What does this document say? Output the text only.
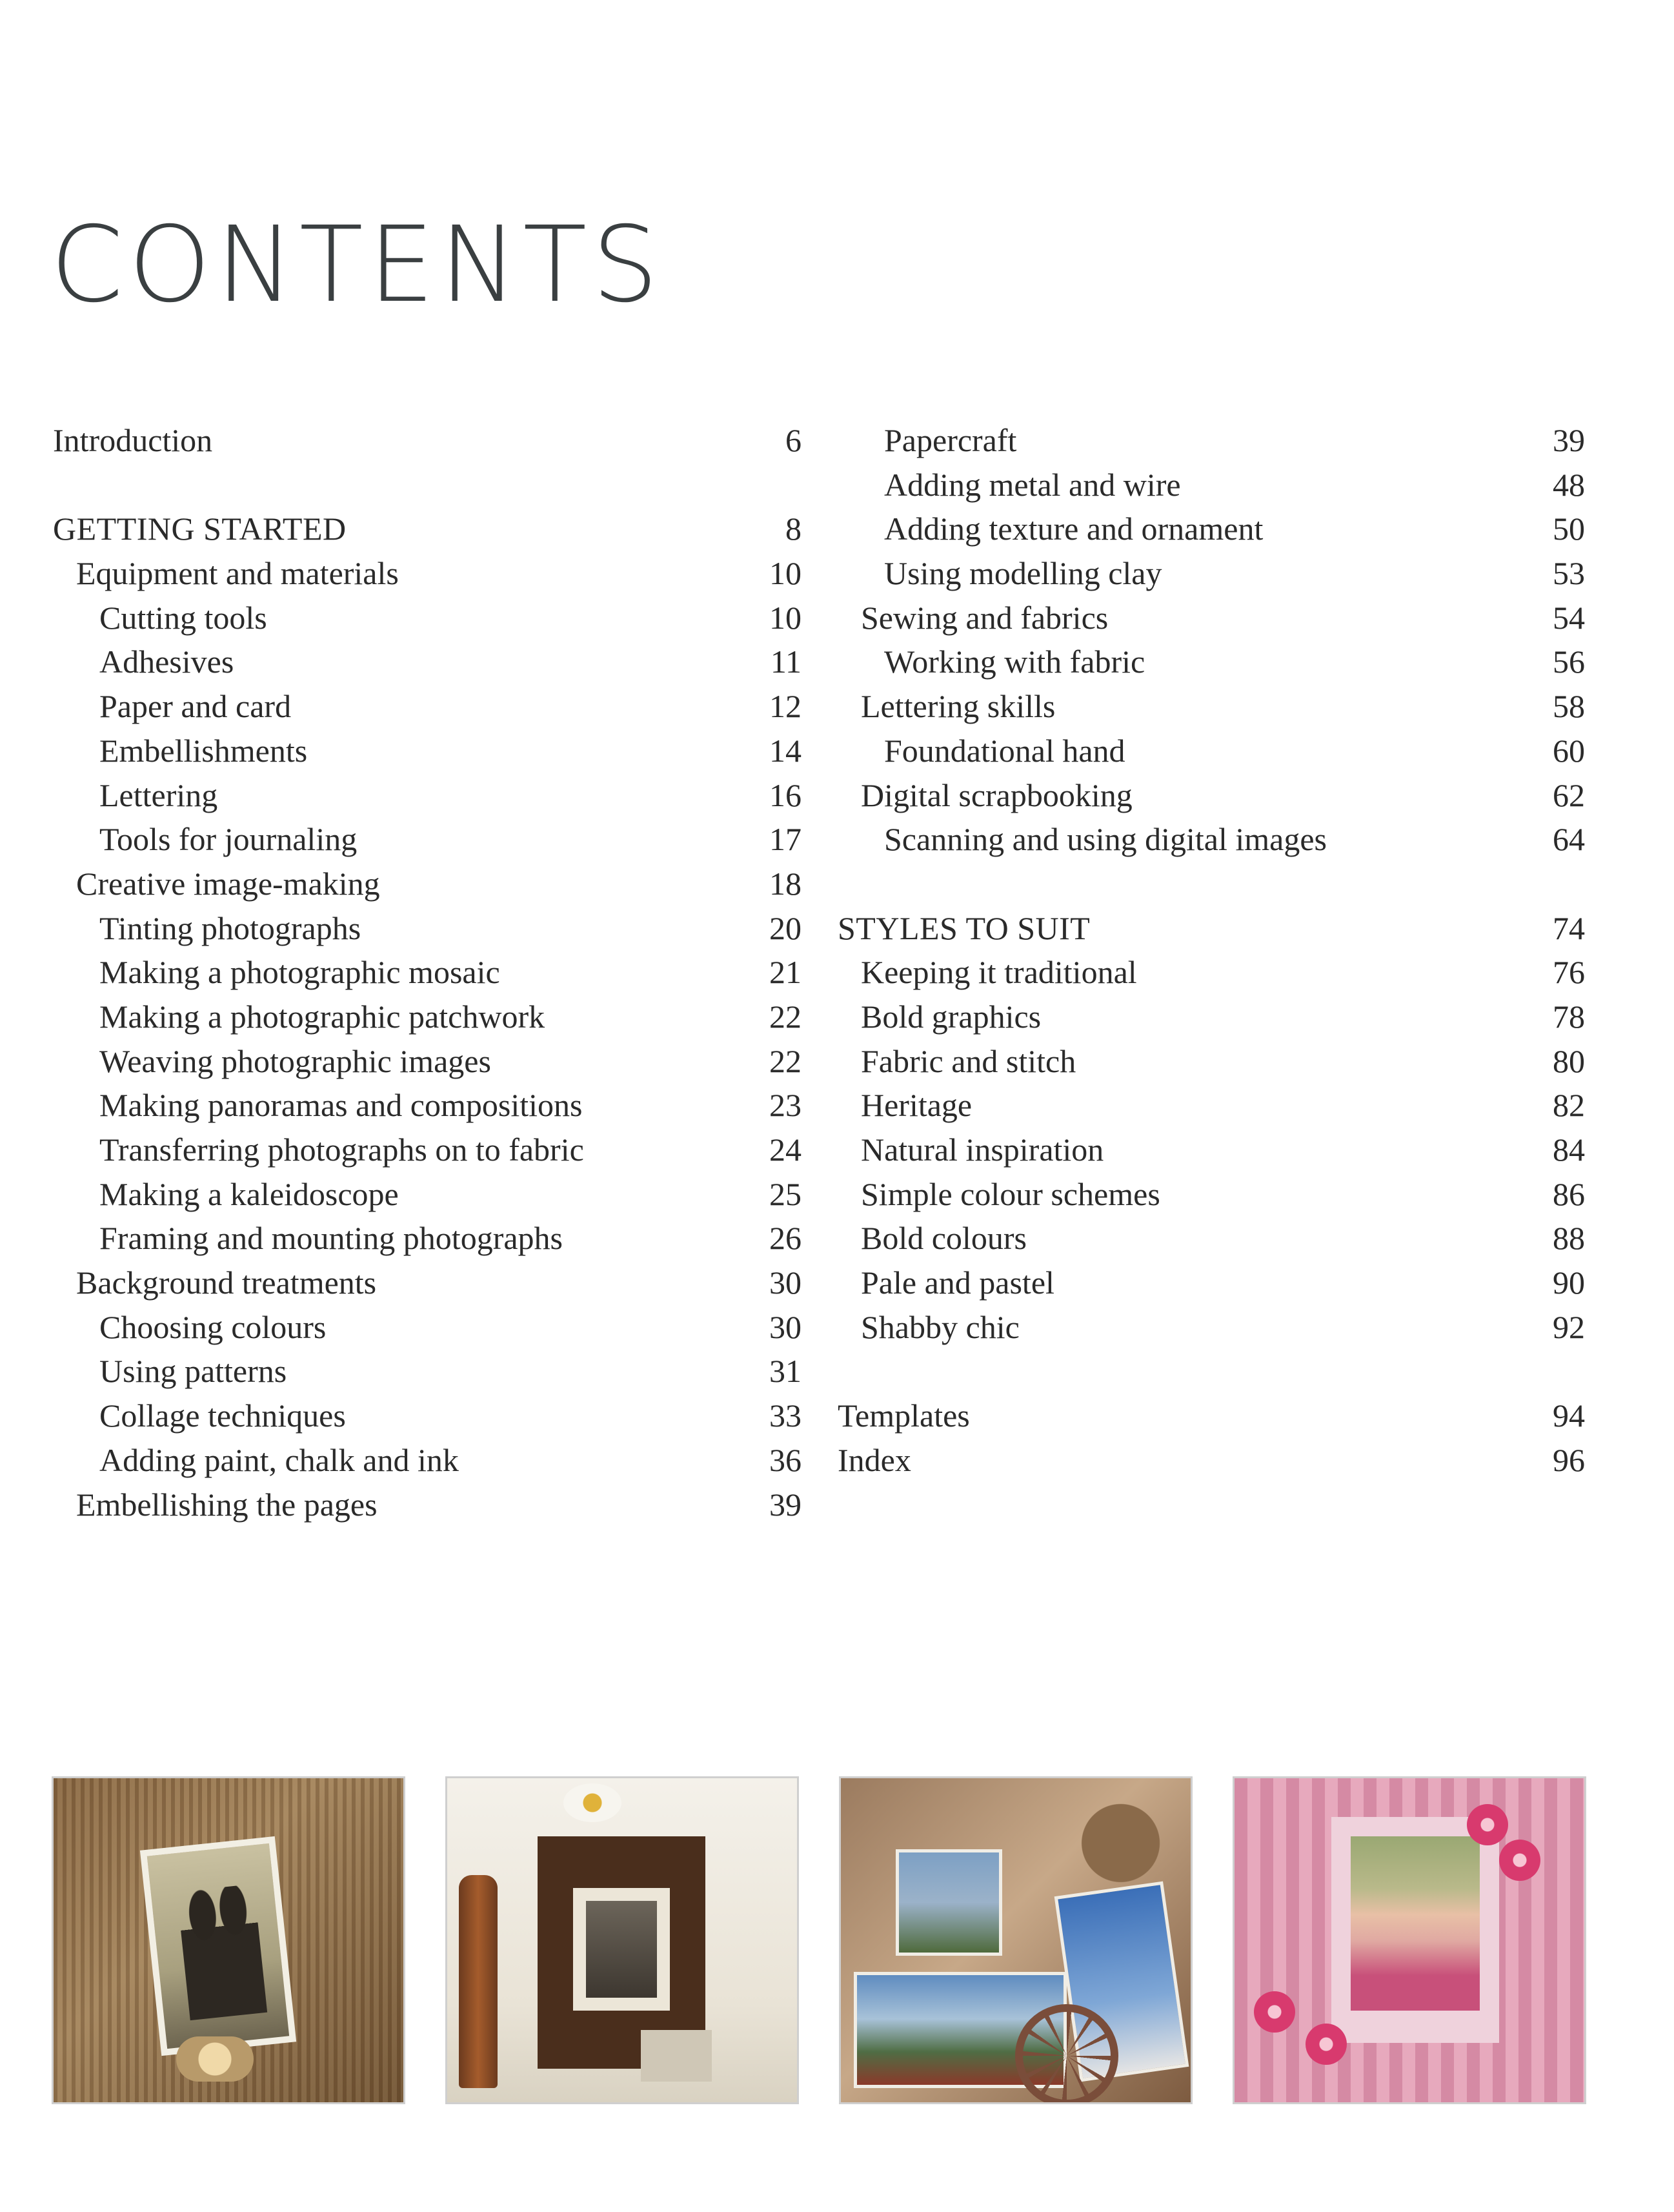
CONTENTS
Introduction	6
GETTING STARTED	8
Equipment and materials	10
Cutting tools	10
Adhesives	11
Paper and card	12
Embellishments	14
Lettering	16
Tools for journaling	17
Creative image-making	18
Tinting photographs	20
Making a photographic mosaic	21
Making a photographic patchwork	22
Weaving photographic images	22
Making panoramas and compositions	23
Transferring photographs on to fabric	24
Making a kaleidoscope	25
Framing and mounting photographs	26
Background treatments	30
Choosing colours	30
Using patterns	31
Collage techniques	33
Adding paint, chalk and ink	36
Embellishing the pages	39
Papercraft	39
Adding metal and wire	48
Adding texture and ornament	50
Using modelling clay	53
Sewing and fabrics	54
Working with fabric	56
Lettering skills	58
Foundational hand	60
Digital scrapbooking	62
Scanning and using digital images	64
STYLES TO SUIT	74
Keeping it traditional	76
Bold graphics	78
Fabric and stitch	80
Heritage	82
Natural inspiration	84
Simple colour schemes	86
Bold colours	88
Pale and pastel	90
Shabby chic	92
Templates	94
Index	96
